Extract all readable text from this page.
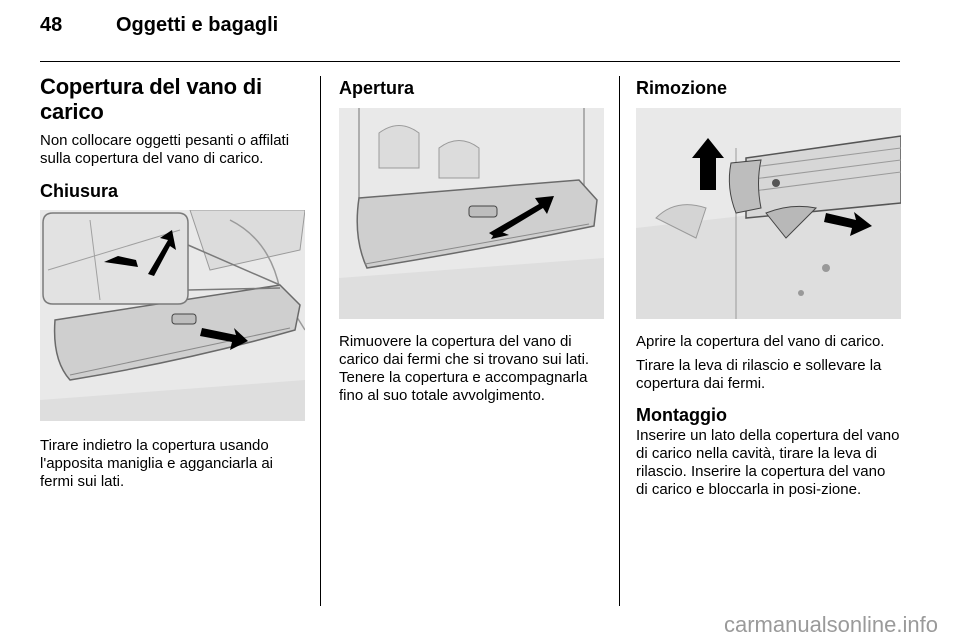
48	Oggetti e bagagli
Copertura del vano di carico
Non collocare oggetti pesanti o affilati sulla copertura del vano di carico.
Chiusura
Tirare indietro la copertura usando l'apposita maniglia e agganciarla ai fermi sui lati.
Apertura
Rimuovere la copertura del vano di carico dai fermi che si trovano sui lati. Tenere la copertura e accompagnarla fino al suo totale avvolgimento.
Rimozione
Aprire la copertura del vano di carico.
Tirare la leva di rilascio e sollevare la copertura dai fermi.
Montaggio
Inserire un lato della copertura del vano di carico nella cavità, tirare la leva di rilascio. Inserire la copertura del vano di carico e bloccarla in posi-zione.
carmanualsonline.info
